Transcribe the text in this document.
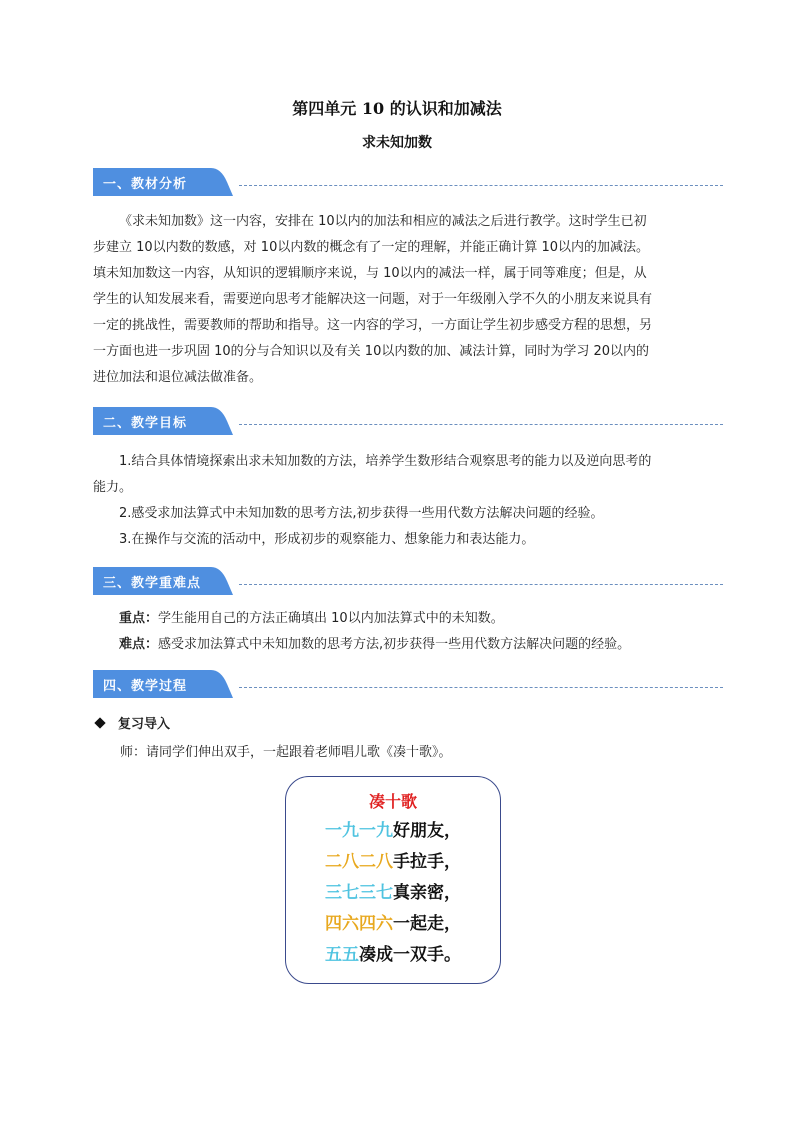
第四单元 10 的认识和加减法
求未知加数
一、教材分析

《求未知加数》这一内容，安排在 10以内的加法和相应的减法之后进行教学。这时学生已初

步建立 10以内数的数感，对 10以内数的概念有了一定的理解，并能正确计算 10以内的加减法。

填未知加数这一内容，从知识的逻辑顺序来说，与 10以内的减法一样，属于同等难度；但是，从

学生的认知发展来看，需要逆向思考才能解决这一问题，对于一年级刚入学不久的小朋友来说具有

一定的挑战性，需要教师的帮助和指导。这一内容的学习，一方面让学生初步感受方程的思想，另

一方面也进一步巩固 10的分与合知识以及有关 10以内数的加、减法计算，同时为学习 20以内的

进位加法和退位减法做准备。

二、教学目标

1.结合具体情境探索出求未知加数的方法，培养学生数形结合观察思考的能力以及逆向思考的

能力。

2.感受求加法算式中未知加数的思考方法,初步获得一些用代数方法解决问题的经验。

3.在操作与交流的活动中，形成初步的观察能力、想象能力和表达能力。

三、教学重难点

重点：学生能用自己的方法正确填出 10以内加法算式中的未知数。

难点：感受求加法算式中未知加数的思考方法,初步获得一些用代数方法解决问题的经验。

四、教学过程
复习导入
师：请同学们伸出双手，一起跟着老师唱儿歌《凑十歌》。
凑十歌
一九一九好朋友，
二八二八手拉手，
三七三七真亲密，
四六四六一起走，
五五凑成一双手。
